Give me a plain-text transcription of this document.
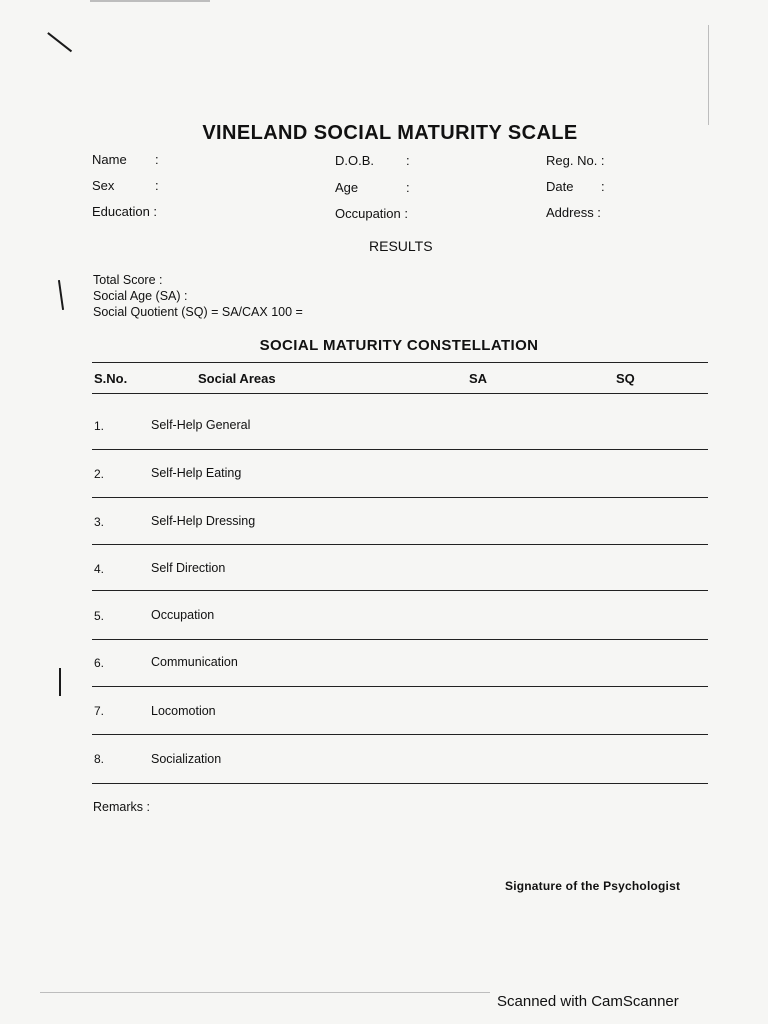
VINELAND SOCIAL MATURITY SCALE
Name :	D.O.B. :	Reg. No. :
Sex	:	Age	:	Date :
Education :	Occupation :	Address :
RESULTS
Total Score :
Social Age (SA) :
Social Quotient (SQ) = SA/CAX 100 =
SOCIAL MATURITY CONSTELLATION
S.No.	Social Areas	SA	SQ
1.	Self-Help General
2.	Self-Help Eating
3.	Self-Help Dressing
4.	Self Direction
5.	Occupation
6.	Communication
7.	Locomotion
8.	Socialization
Remarks :
Signature of the Psychologist
Scanned with CamScanner
